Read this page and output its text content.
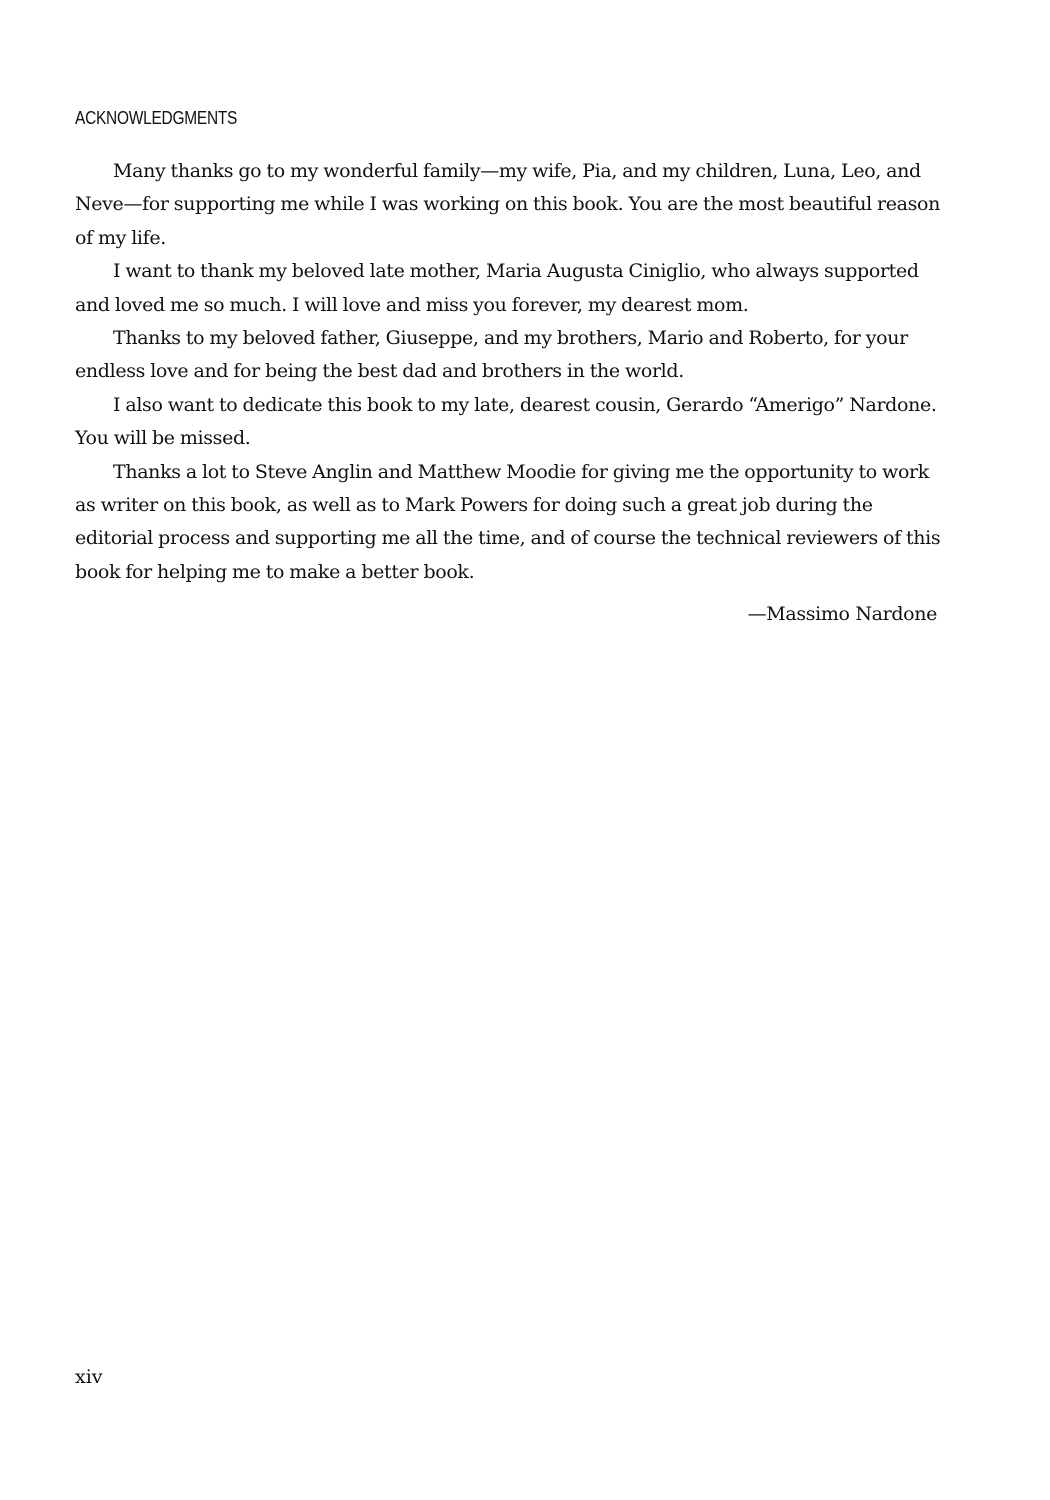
ACKNOWLEDGMENTS

Many thanks go to my wonderful family—my wife, Pia, and my children, Luna, Leo, and Neve—for supporting me while I was working on this book. You are the most beautiful reason of my life.

I want to thank my beloved late mother, Maria Augusta Ciniglio, who always supported and loved me so much. I will love and miss you forever, my dearest mom.

Thanks to my beloved father, Giuseppe, and my brothers, Mario and Roberto, for your endless love and for being the best dad and brothers in the world.

I also want to dedicate this book to my late, dearest cousin, Gerardo “Amerigo” Nardone. You will be missed.

Thanks a lot to Steve Anglin and Matthew Moodie for giving me the opportunity to work as writer on this book, as well as to Mark Powers for doing such a great job during the editorial process and supporting me all the time, and of course the technical reviewers of this book for helping me to make a better book.

—Massimo Nardone
xiv
